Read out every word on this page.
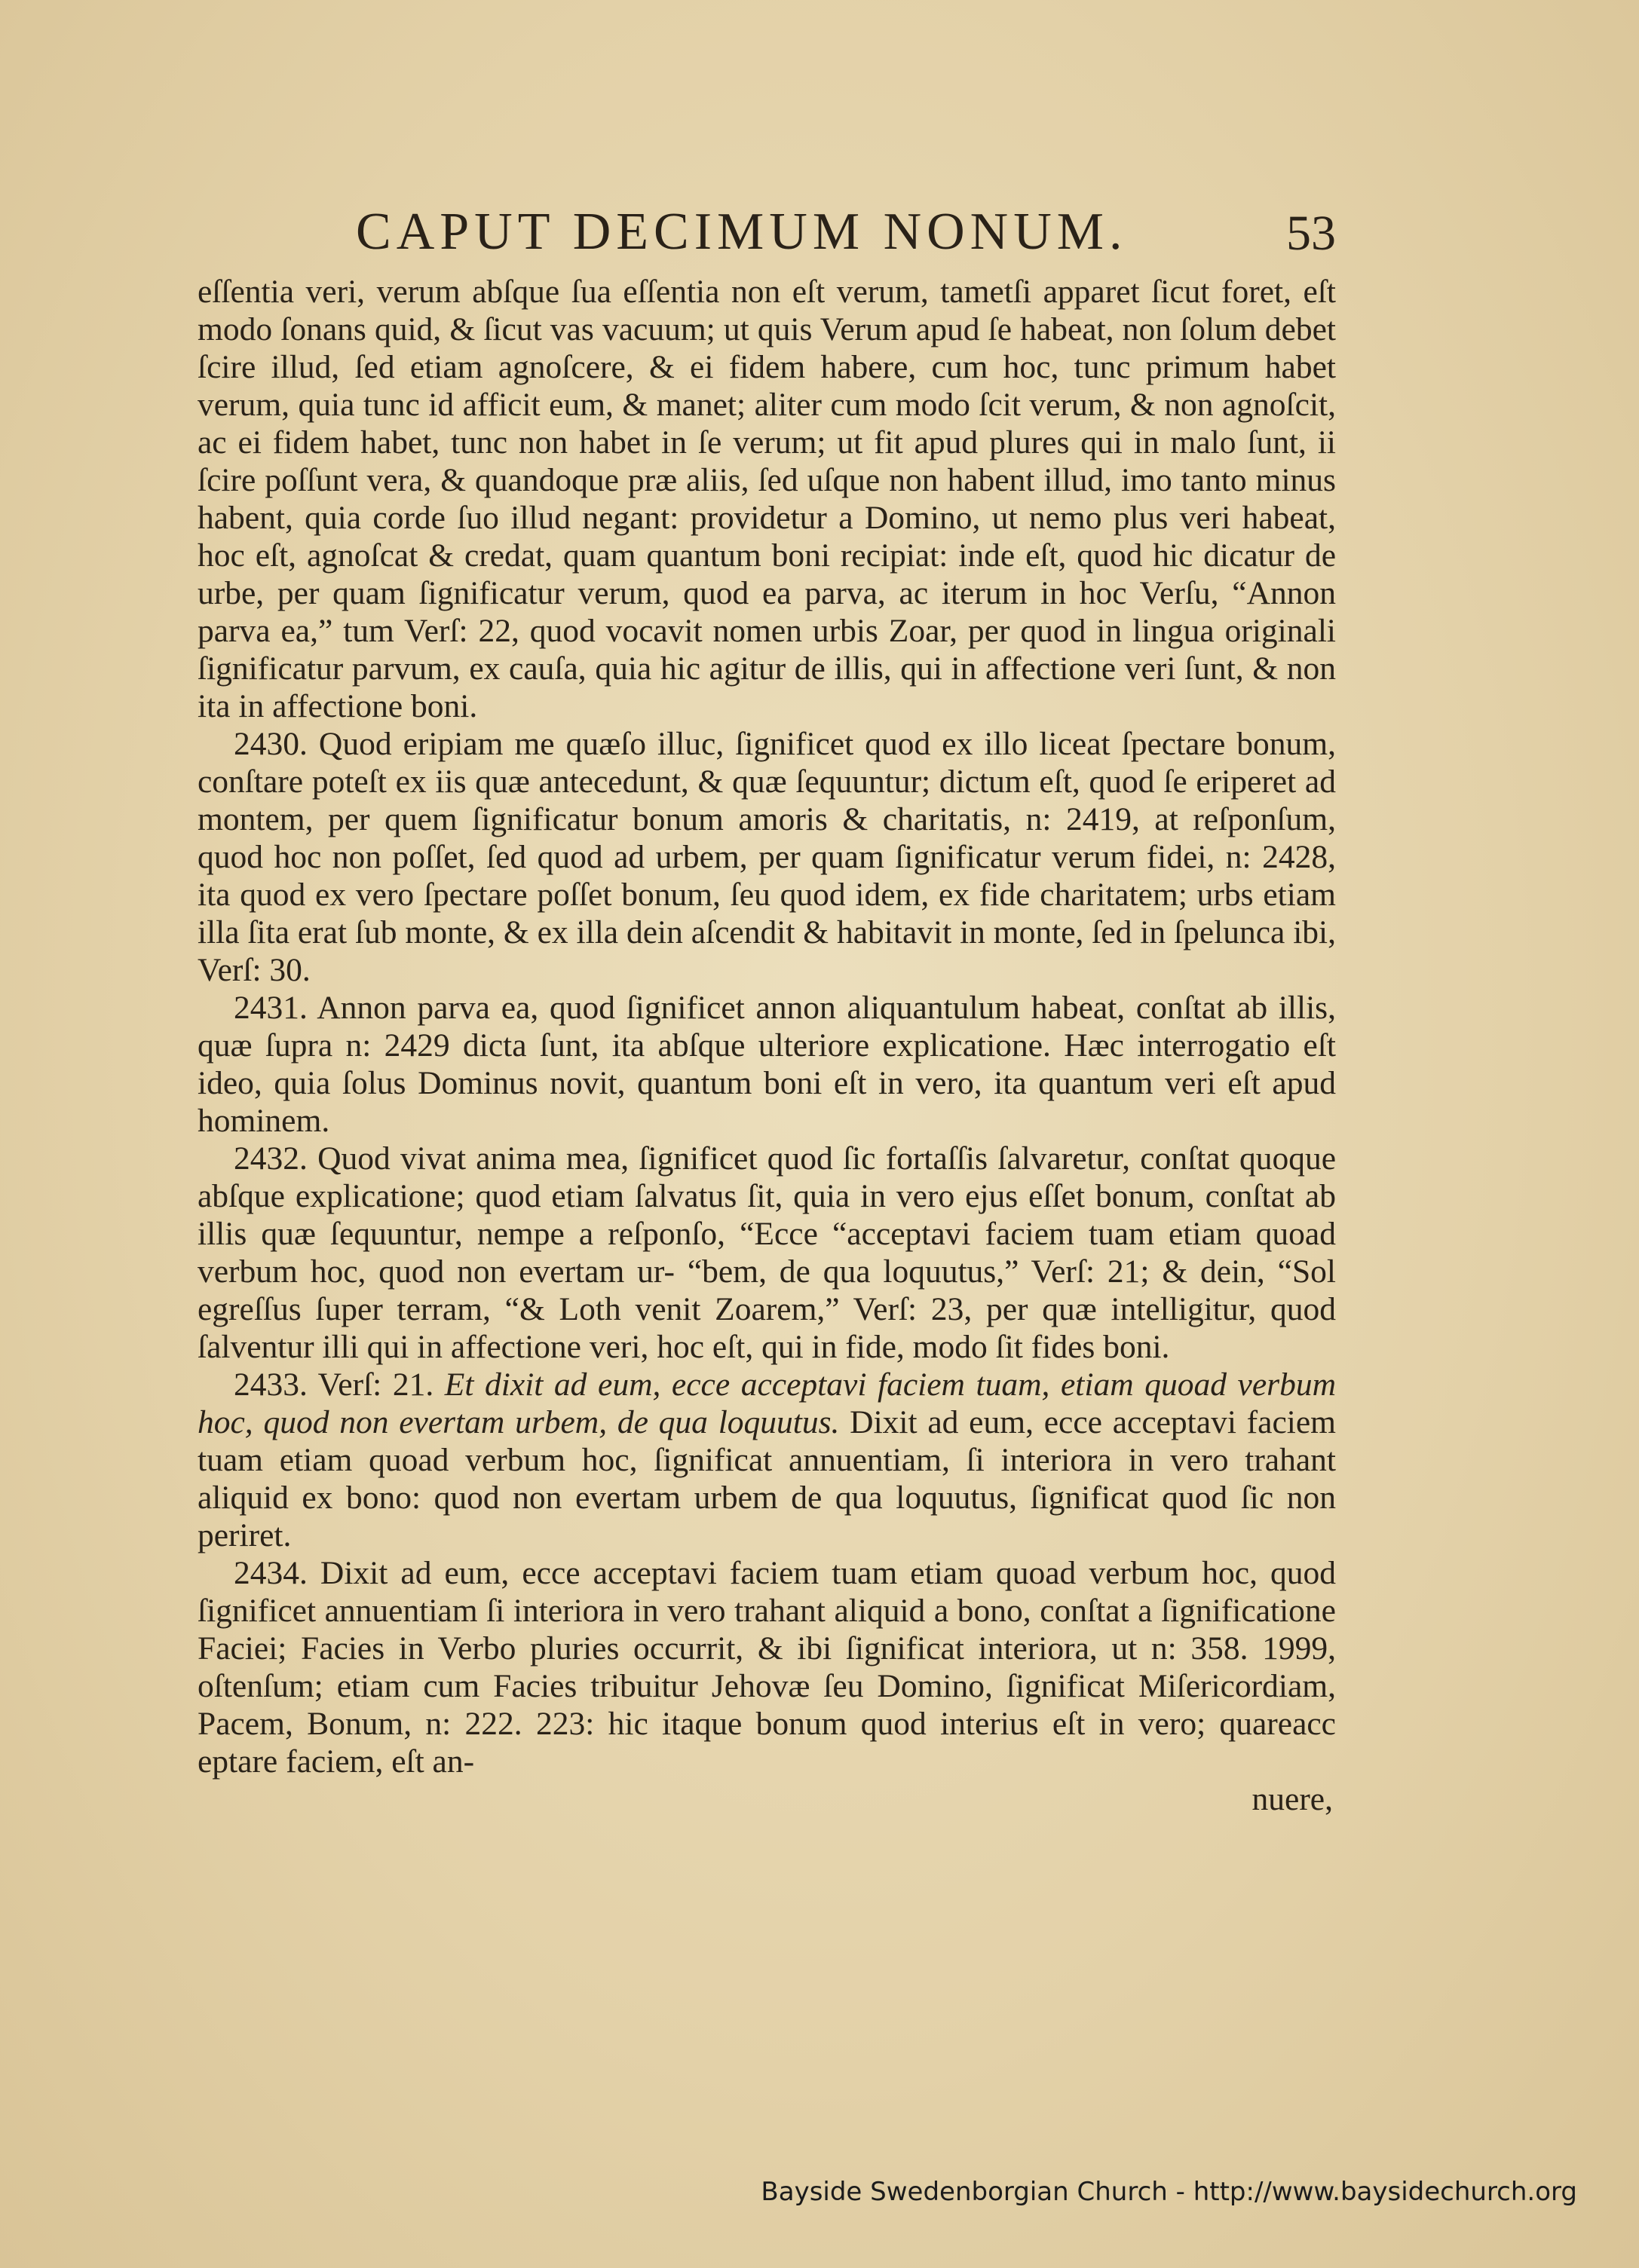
CAPUT DECIMUM NONUM.	53

eſſentia veri, verum abſque ſua eſſentia non eſt verum, tametſi apparet ſicut foret, eſt modo ſonans quid, & ſicut vas vacuum; ut quis Verum apud ſe habeat, non ſolum debet ſcire illud, ſed etiam agnoſcere, & ei fidem habere, cum hoc, tunc primum habet verum, quia tunc id afficit eum, & manet; aliter cum modo ſcit verum, & non agnoſcit, ac ei fidem habet, tunc non habet in ſe verum; ut fit apud plures qui in malo ſunt, ii ſcire poſſunt vera, & quandoque præ aliis, ſed uſque non habent illud, imo tanto minus habent, quia corde ſuo illud negant: providetur a Domino, ut nemo plus veri habeat, hoc eſt, agnoſcat & credat, quam quantum boni recipiat: inde eſt, quod hic dicatur de urbe, per quam ſignificatur verum, quod ea parva, ac iterum in hoc Verſu, “Annon parva ea,” tum Verſ: 22, quod vocavit nomen urbis Zoar, per quod in lingua originali ſignificatur parvum, ex cauſa, quia hic agitur de illis, qui in affectione veri ſunt, & non ita in affectione boni.

2430. Quod eripiam me quæſo illuc, ſignificet quod ex illo liceat ſpectare bonum, conſtare poteſt ex iis quæ antecedunt, & quæ ſequuntur; dictum eſt, quod ſe eriperet ad montem, per quem ſignificatur bonum amoris & charitatis, n: 2419, at reſponſum, quod hoc non poſſet, ſed quod ad urbem, per quam ſignificatur verum fidei, n: 2428, ita quod ex vero ſpectare poſſet bonum, ſeu quod idem, ex fide charitatem; urbs etiam illa ſita erat ſub monte, & ex illa dein aſcendit & habitavit in monte, ſed in ſpelunca ibi, Verſ: 30.

2431. Annon parva ea, quod ſignificet annon aliquantulum habeat, conſtat ab illis, quæ ſupra n: 2429 dicta ſunt, ita abſque ulteriore explicatione. Hæc interrogatio eſt ideo, quia ſolus Dominus novit, quantum boni eſt in vero, ita quantum veri eſt apud hominem.

2432. Quod vivat anima mea, ſignificet quod ſic fortaſſis ſalvaretur, conſtat quoque abſque explicatione; quod etiam ſalvatus ſit, quia in vero ejus eſſet bonum, conſtat ab illis quæ ſequuntur, nempe a reſponſo, “Ecce “acceptavi faciem tuam etiam quoad verbum hoc, quod non evertam ur- “bem, de qua loquutus,” Verſ: 21; & dein, “Sol egreſſus ſuper terram, “& Loth venit Zoarem,” Verſ: 23, per quæ intelligitur, quod ſalventur illi qui in affectione veri, hoc eſt, qui in fide, modo ſit fides boni.

2433. Verſ: 21. Et dixit ad eum, ecce acceptavi faciem tuam, etiam quoad verbum hoc, quod non evertam urbem, de qua loquutus. Dixit ad eum, ecce acceptavi faciem tuam etiam quoad verbum hoc, ſignificat annuentiam, ſi interiora in vero trahant aliquid ex bono: quod non evertam urbem de qua loquutus, ſignificat quod ſic non periret.

2434. Dixit ad eum, ecce acceptavi faciem tuam etiam quoad verbum hoc, quod ſignificet annuentiam ſi interiora in vero trahant aliquid a bono, conſtat a ſignificatione Faciei; Facies in Verbo pluries occurrit, & ibi ſignificat interiora, ut n: 358. 1999, oſtenſum; etiam cum Facies tribuitur Jehovæ ſeu Domino, ſignificat Miſericordiam, Pacem, Bonum, n: 222. 223: hic itaque bonum quod interius eſt in vero; quareacc eptare faciem, eſt an-

nuere,

Bayside Swedenborgian Church - http://www.baysidechurch.org
